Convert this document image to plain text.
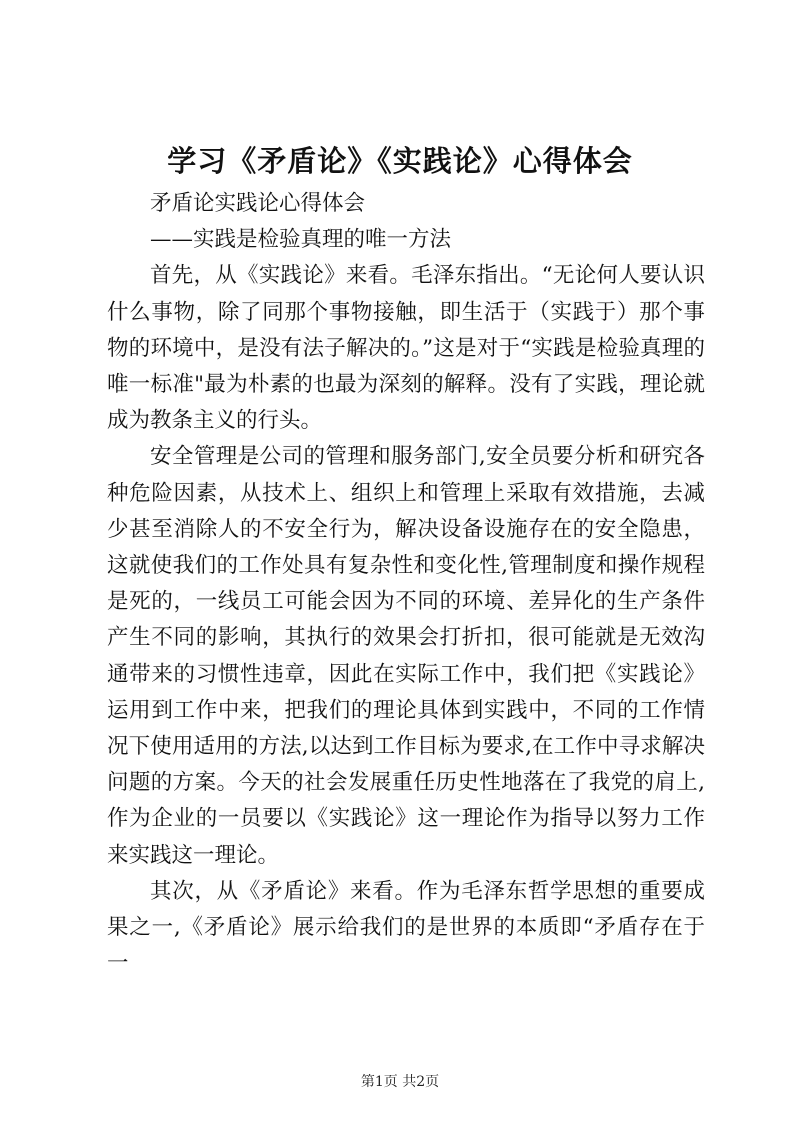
学习《矛盾论》《实践论》心得体会

矛盾论实践论心得体会

——实践是检验真理的唯一方法

首先，从《实践论》来看。毛泽东指出。“无论何人要认识什么事物，除了同那个事物接触，即生活于（实践于）那个事物的环境中，是没有法子解决的。”这是对于“实践是检验真理的唯一标准"最为朴素的也最为深刻的解释。没有了实践，理论就成为教条主义的行头。

安全管理是公司的管理和服务部门,安全员要分析和研究各种危险因素，从技术上、组织上和管理上采取有效措施，去减少甚至消除人的不安全行为，解决设备设施存在的安全隐患，这就使我们的工作处具有复杂性和变化性,管理制度和操作规程是死的，一线员工可能会因为不同的环境、差异化的生产条件产生不同的影响，其执行的效果会打折扣，很可能就是无效沟通带来的习惯性违章，因此在实际工作中，我们把《实践论》运用到工作中来，把我们的理论具体到实践中，不同的工作情况下使用适用的方法,以达到工作目标为要求,在工作中寻求解决问题的方案。今天的社会发展重任历史性地落在了我党的肩上,作为企业的一员要以《实践论》这一理论作为指导以努力工作来实践这一理论。

其次，从《矛盾论》来看。作为毛泽东哲学思想的重要成果之一,《矛盾论》展示给我们的是世界的本质即“矛盾存在于一

第1页 共2页
